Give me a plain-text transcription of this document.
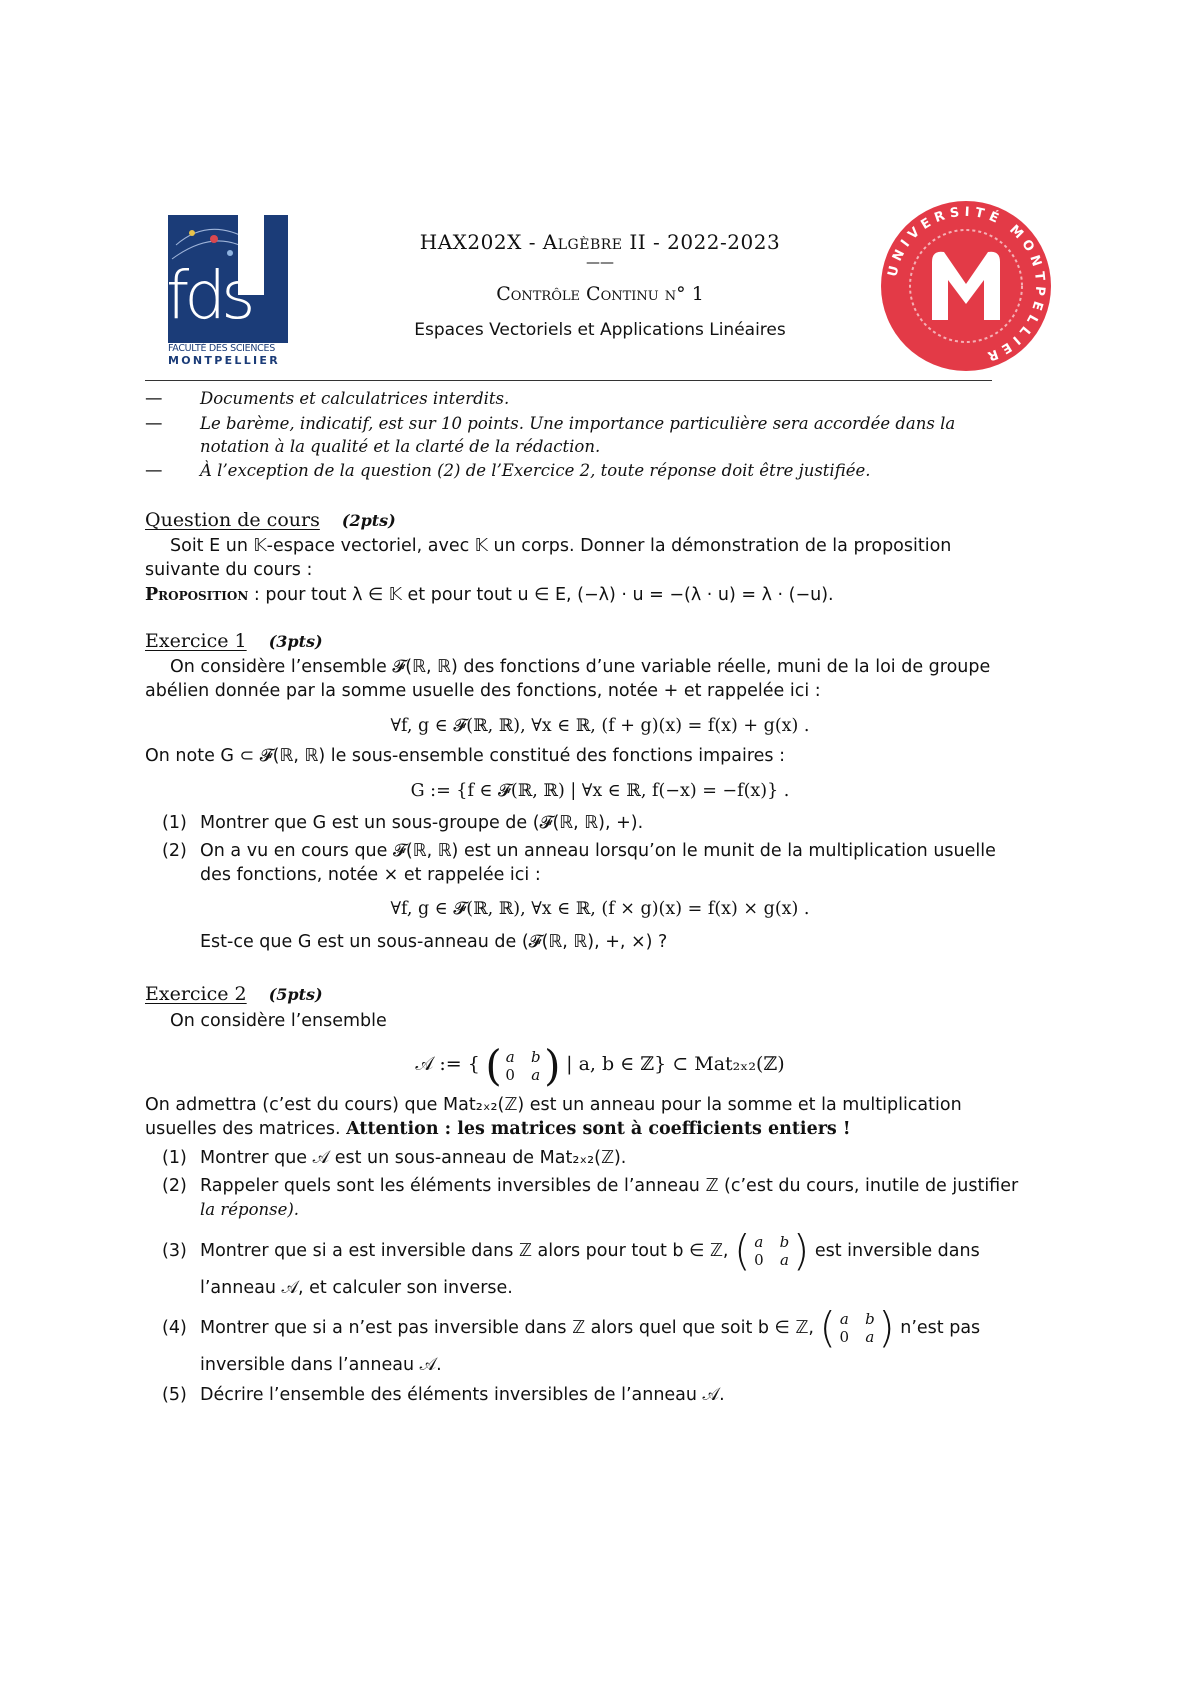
fds
FACULTÉ DES SCIENCES
MONTPELLIER
UNIVERSITÉ MONTPELLIER
HAX202X - Algèbre II - 2022-2023
——
Contrôle Continu n° 1
Espaces Vectoriels et Applications Linéaires
— Documents et calculatrices interdits.
— Le barème, indicatif, est sur 10 points. Une importance particulière sera accordée dans la
notation à la qualité et la clarté de la rédaction.
— À l’exception de la question (2) de l’Exercice 2, toute réponse doit être justifiée.
Question de cours (2pts)
Soit E un 𝕂-espace vectoriel, avec 𝕂 un corps. Donner la démonstration de la proposition
suivante du cours :
Proposition : pour tout λ ∈ 𝕂 et pour tout u ∈ E, (−λ) · u = −(λ · u) = λ · (−u).
Exercice 1 (3pts)
On considère l’ensemble 𝓕(ℝ, ℝ) des fonctions d’une variable réelle, muni de la loi de groupe
abélien donnée par la somme usuelle des fonctions, notée + et rappelée ici :
∀f, g ∈ 𝓕(ℝ, ℝ), ∀x ∈ ℝ, (f + g)(x) = f(x) + g(x) .
On note G ⊂ 𝓕(ℝ, ℝ) le sous-ensemble constitué des fonctions impaires :
G := {f ∈ 𝓕(ℝ, ℝ) | ∀x ∈ ℝ, f(−x) = −f(x)} .
(1) Montrer que G est un sous-groupe de (𝓕(ℝ, ℝ), +).
(2) On a vu en cours que 𝓕(ℝ, ℝ) est un anneau lorsqu’on le munit de la multiplication usuelle
des fonctions, notée × et rappelée ici :
∀f, g ∈ 𝓕(ℝ, ℝ), ∀x ∈ ℝ, (f × g)(x) = f(x) × g(x) .
Est-ce que G est un sous-anneau de (𝓕(ℝ, ℝ), +, ×) ?
Exercice 2 (5pts)
On considère l’ensemble
𝒜 := { ( a	b
0	a ) | a, b ∈ ℤ} ⊂ Mat₂ₓ₂(ℤ)
On admettra (c’est du cours) que Mat₂ₓ₂(ℤ) est un anneau pour la somme et la multiplication
usuelles des matrices. Attention : les matrices sont à coefficients entiers !
(1) Montrer que 𝒜 est un sous-anneau de Mat₂ₓ₂(ℤ).
(2) Rappeler quels sont les éléments inversibles de l’anneau ℤ (c’est du cours, inutile de justifier
la réponse).
(3) Montrer que si a est inversible dans ℤ alors pour tout b ∈ ℤ, ( a	b
0	a ) est inversible dans
l’anneau 𝒜, et calculer son inverse.
(4) Montrer que si a n’est pas inversible dans ℤ alors quel que soit b ∈ ℤ, ( a	b
0	a ) n’est pas
inversible dans l’anneau 𝒜.
(5) Décrire l’ensemble des éléments inversibles de l’anneau 𝒜.
